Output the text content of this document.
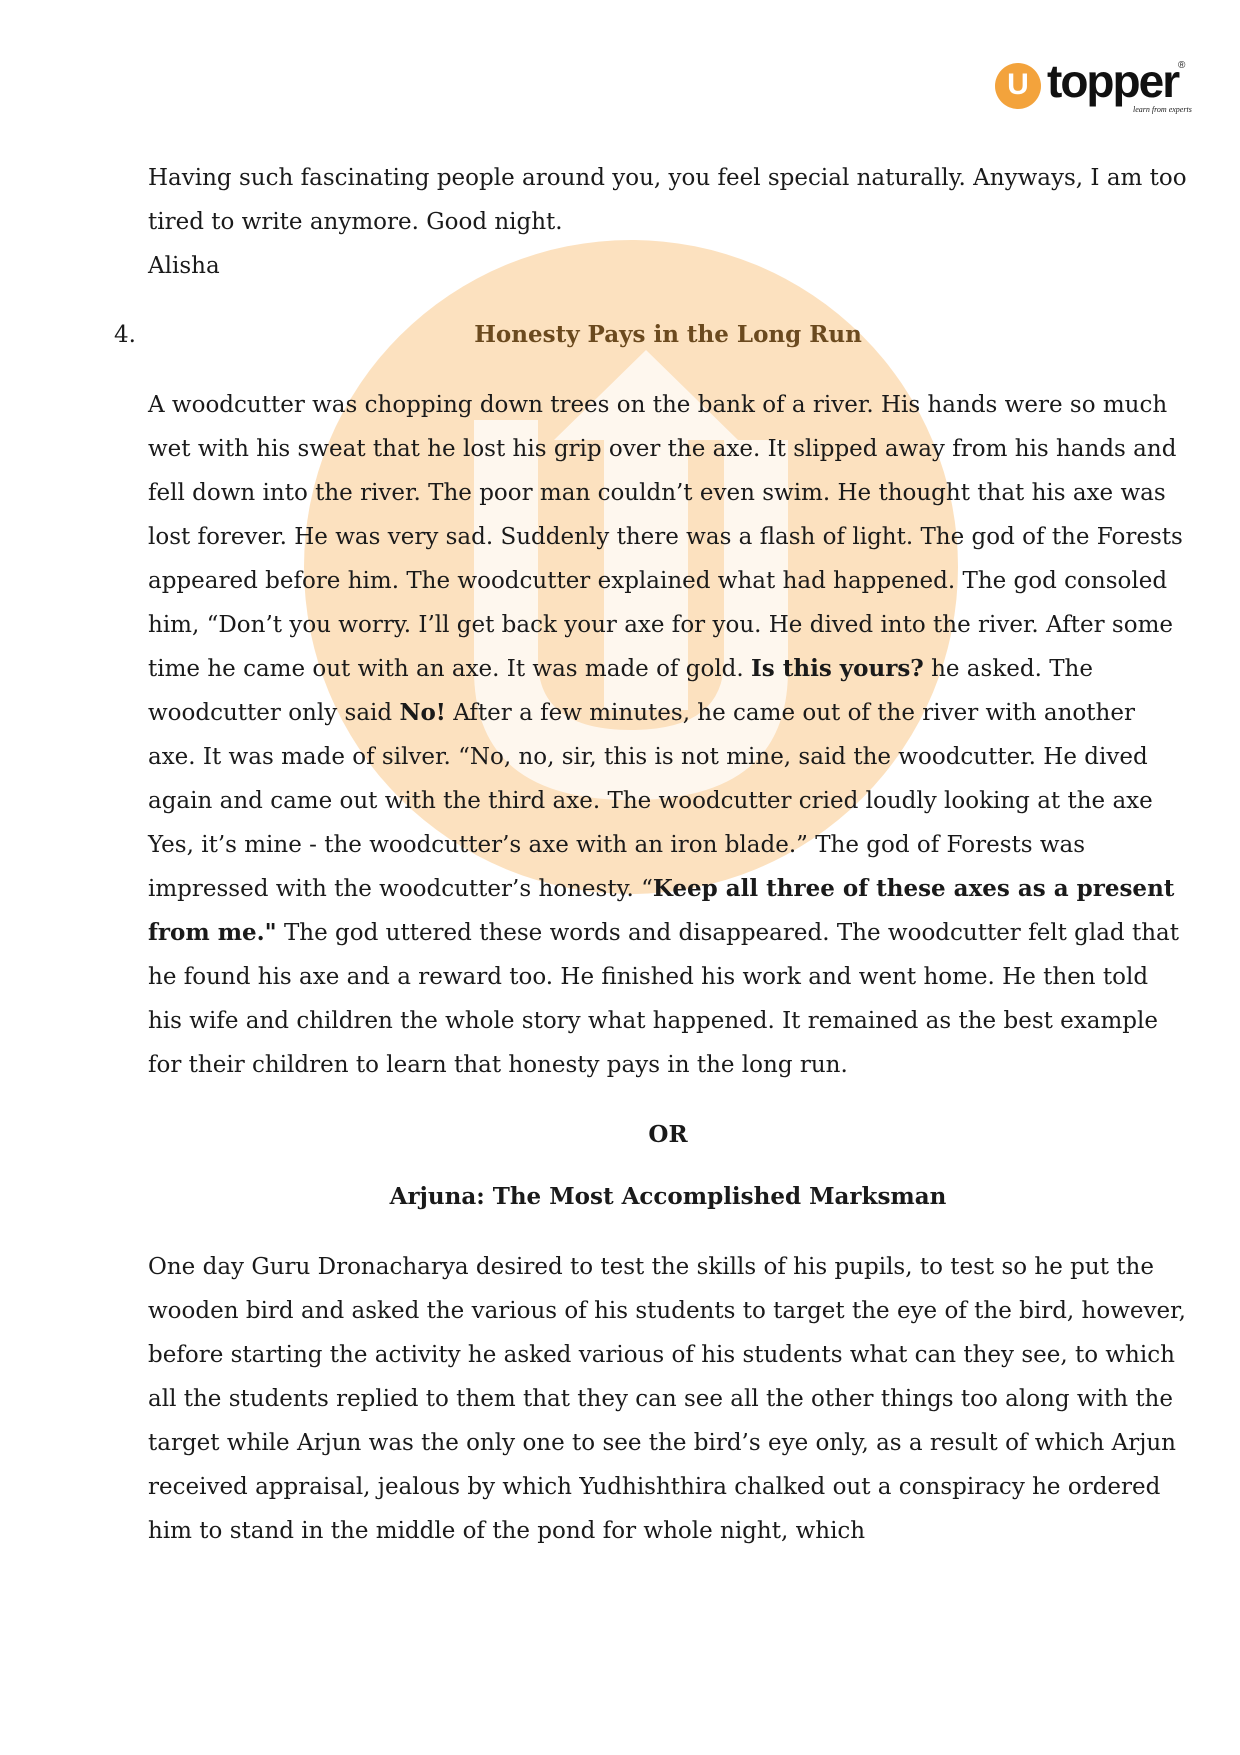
U topper ®
learn from experts

Having such fascinating people around you, you feel special naturally. Anyways, I am too tired to write anymore. Good night.

Alisha

4.	Honesty Pays in the Long Run

A woodcutter was chopping down trees on the bank of a river. His hands were so much wet with his sweat that he lost his grip over the axe. It slipped away from his hands and fell down into the river. The poor man couldn’t even swim. He thought that his axe was lost forever. He was very sad. Suddenly there was a flash of light. The god of the Forests appeared before him. The woodcutter explained what had happened. The god consoled him, “Don’t you worry. I’ll get back your axe for you. He dived into the river. After some time he came out with an axe. It was made of gold. Is this yours? he asked. The woodcutter only said No! After a few minutes, he came out of the river with another axe. It was made of silver. “No, no, sir, this is not mine, said the woodcutter. He dived again and came out with the third axe. The woodcutter cried loudly looking at the axe Yes, it’s mine - the woodcutter’s axe with an iron blade.” The god of Forests was impressed with the woodcutter’s honesty. “Keep all three of these axes as a present from me." The god uttered these words and disappeared. The woodcutter felt glad that he found his axe and a reward too. He finished his work and went home. He then told his wife and children the whole story what happened. It remained as the best example for their children to learn that honesty pays in the long run.

OR
Arjuna: The Most Accomplished Marksman

One day Guru Dronacharya desired to test the skills of his pupils, to test so he put the wooden bird and asked the various of his students to target the eye of the bird, however, before starting the activity he asked various of his students what can they see, to which all the students replied to them that they can see all the other things too along with the target while Arjun was the only one to see the bird’s eye only, as a result of which Arjun received appraisal, jealous by which Yudhishthira chalked out a conspiracy he ordered him to stand in the middle of the pond for whole night, which
